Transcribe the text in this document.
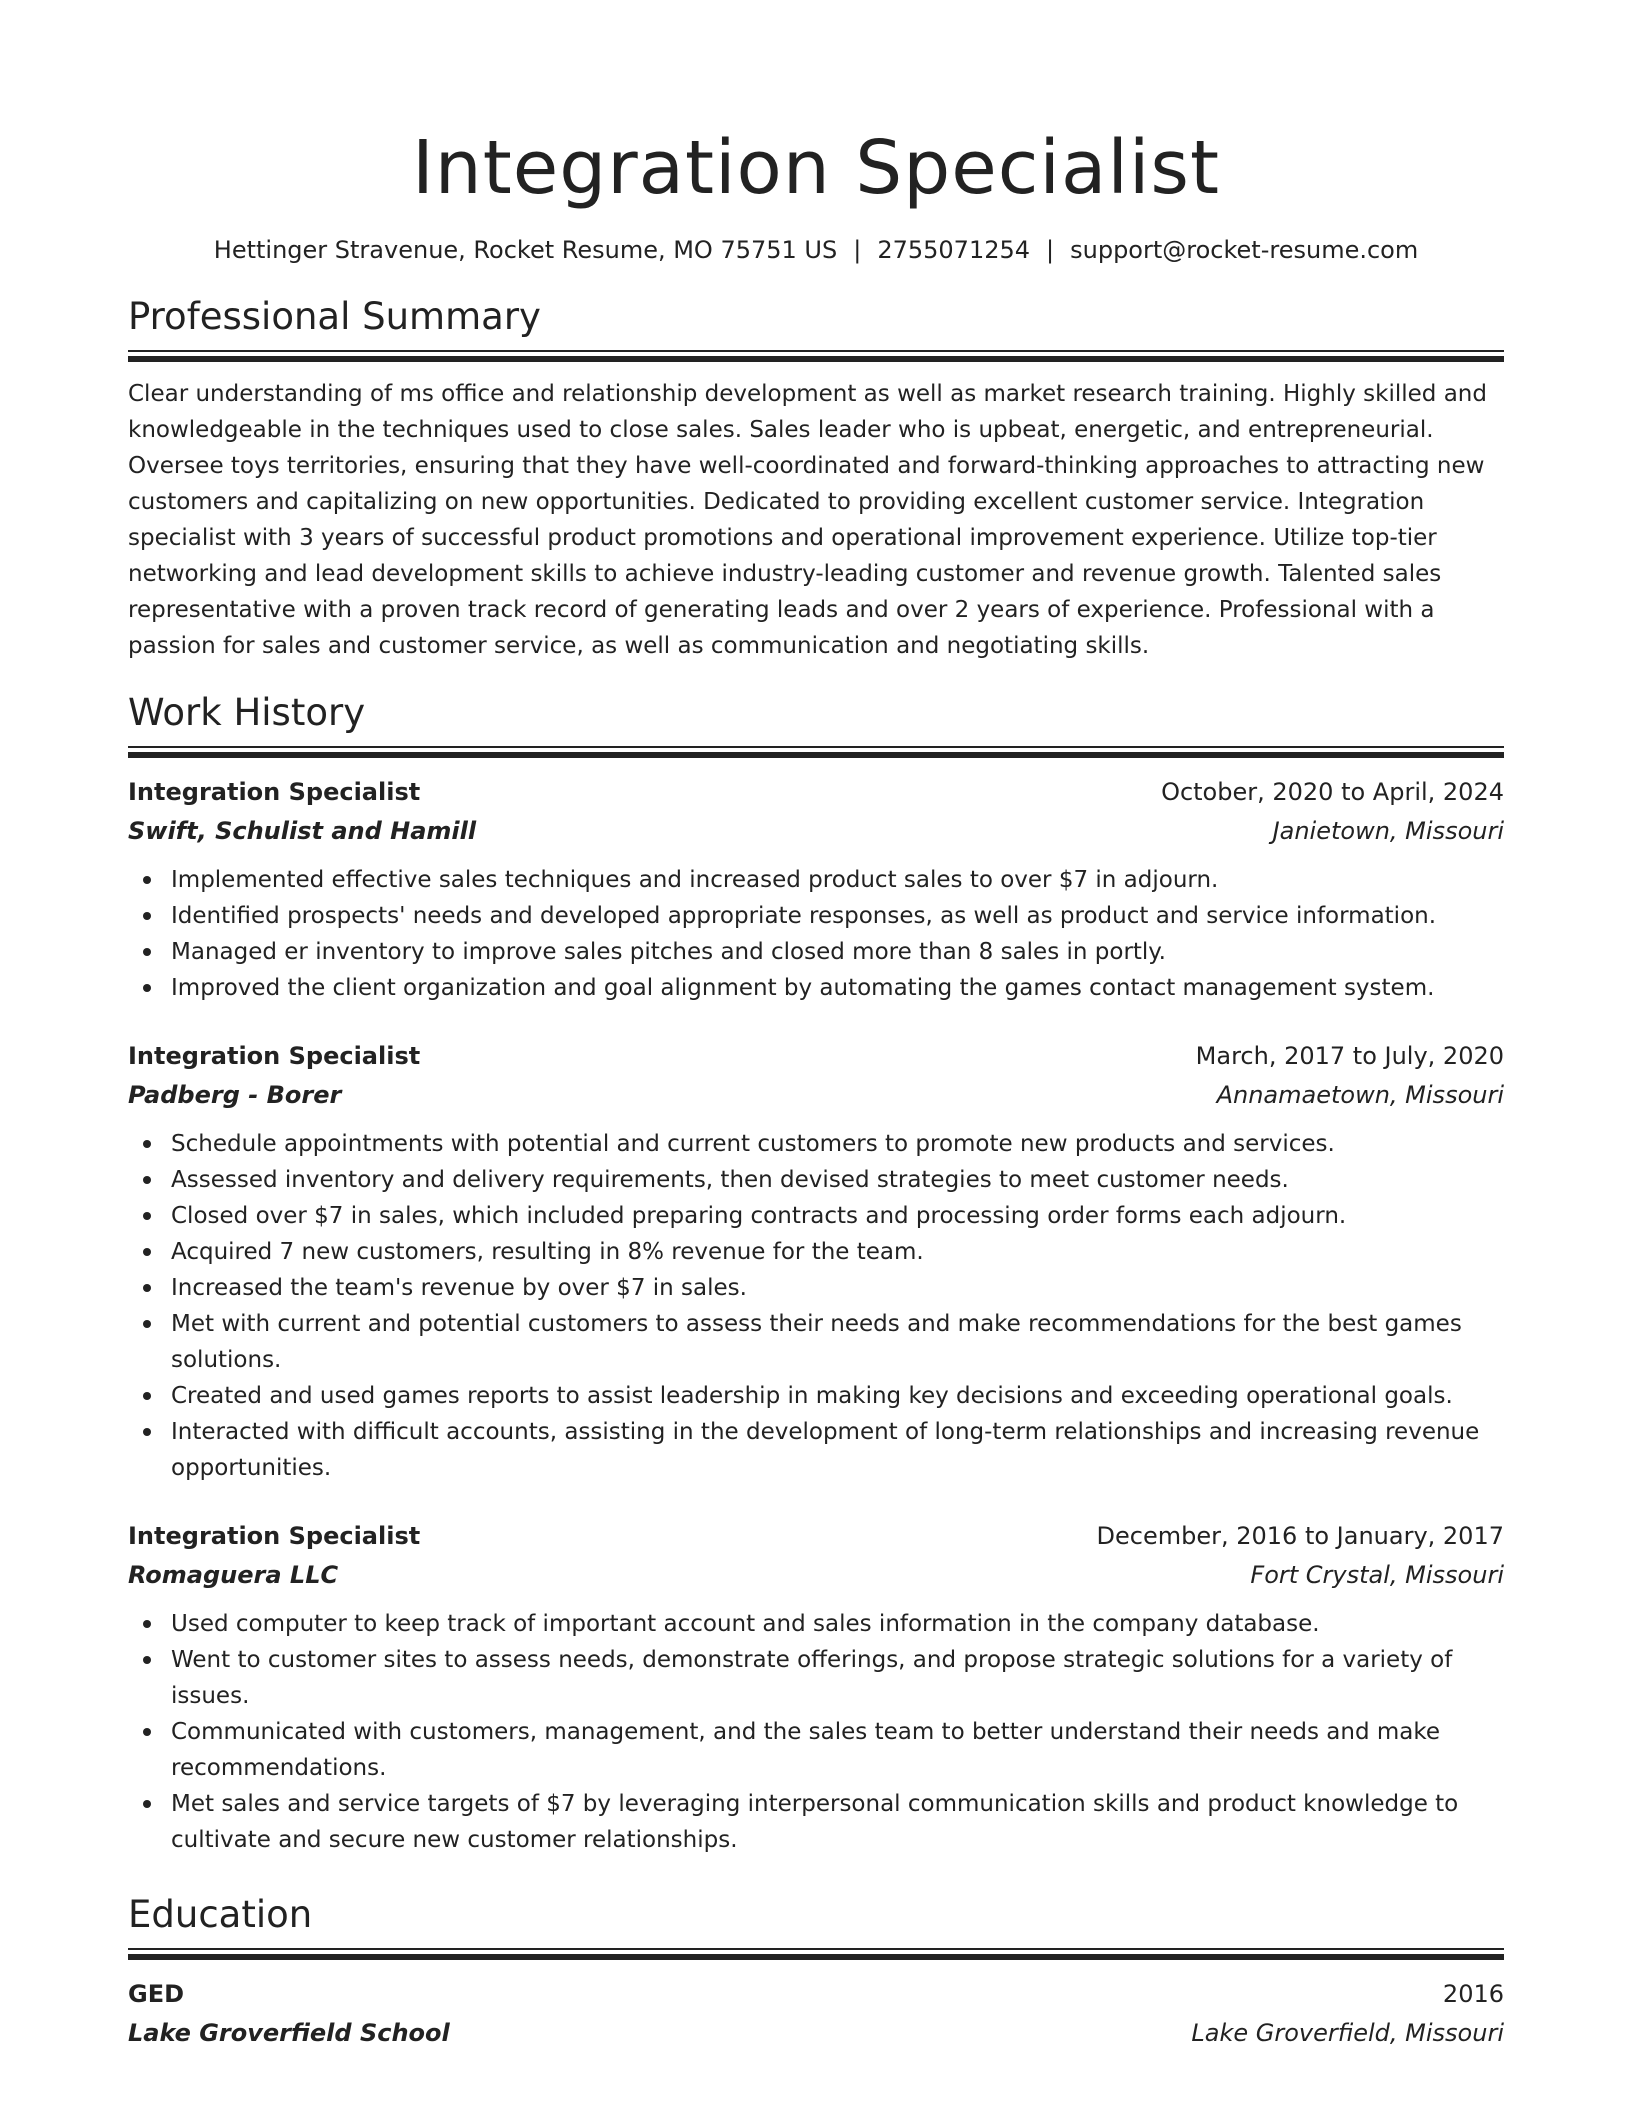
Integration Specialist
Hettinger Stravenue, Rocket Resume, MO 75751 US | 2755071254 | support@rocket-resume.com
Professional Summary

Clear understanding of ms office and relationship development as well as market research training. Highly skilled and knowledgeable in the techniques used to close sales. Sales leader who is upbeat, energetic, and entrepreneurial. Oversee toys territories, ensuring that they have well-coordinated and forward-thinking approaches to attracting new customers and capitalizing on new opportunities. Dedicated to providing excellent customer service. Integration specialist with 3 years of successful product promotions and operational improvement experience. Utilize top-tier networking and lead development skills to achieve industry-leading customer and revenue growth. Talented sales representative with a proven track record of generating leads and over 2 years of experience. Professional with a passion for sales and customer service, as well as communication and negotiating skills.

Work History
Integration Specialist	October, 2020 to April, 2024
Swift, Schulist and Hamill	Janietown, Missouri
Implemented effective sales techniques and increased product sales to over $7 in adjourn.
Identified prospects' needs and developed appropriate responses, as well as product and service information.
Managed er inventory to improve sales pitches and closed more than 8 sales in portly.
Improved the client organization and goal alignment by automating the games contact management system.
Integration Specialist	March, 2017 to July, 2020
Padberg - Borer	Annamaetown, Missouri
Schedule appointments with potential and current customers to promote new products and services.
Assessed inventory and delivery requirements, then devised strategies to meet customer needs.
Closed over $7 in sales, which included preparing contracts and processing order forms each adjourn.
Acquired 7 new customers, resulting in 8% revenue for the team.
Increased the team's revenue by over $7 in sales.
Met with current and potential customers to assess their needs and make recommendations for the best games solutions.
Created and used games reports to assist leadership in making key decisions and exceeding operational goals.
Interacted with difficult accounts, assisting in the development of long-term relationships and increasing revenue opportunities.
Integration Specialist	December, 2016 to January, 2017
Romaguera LLC	Fort Crystal, Missouri
Used computer to keep track of important account and sales information in the company database.
Went to customer sites to assess needs, demonstrate offerings, and propose strategic solutions for a variety of issues.
Communicated with customers, management, and the sales team to better understand their needs and make recommendations.
Met sales and service targets of $7 by leveraging interpersonal communication skills and product knowledge to cultivate and secure new customer relationships.
Education
GED	2016
Lake Groverfield School	Lake Groverfield, Missouri
